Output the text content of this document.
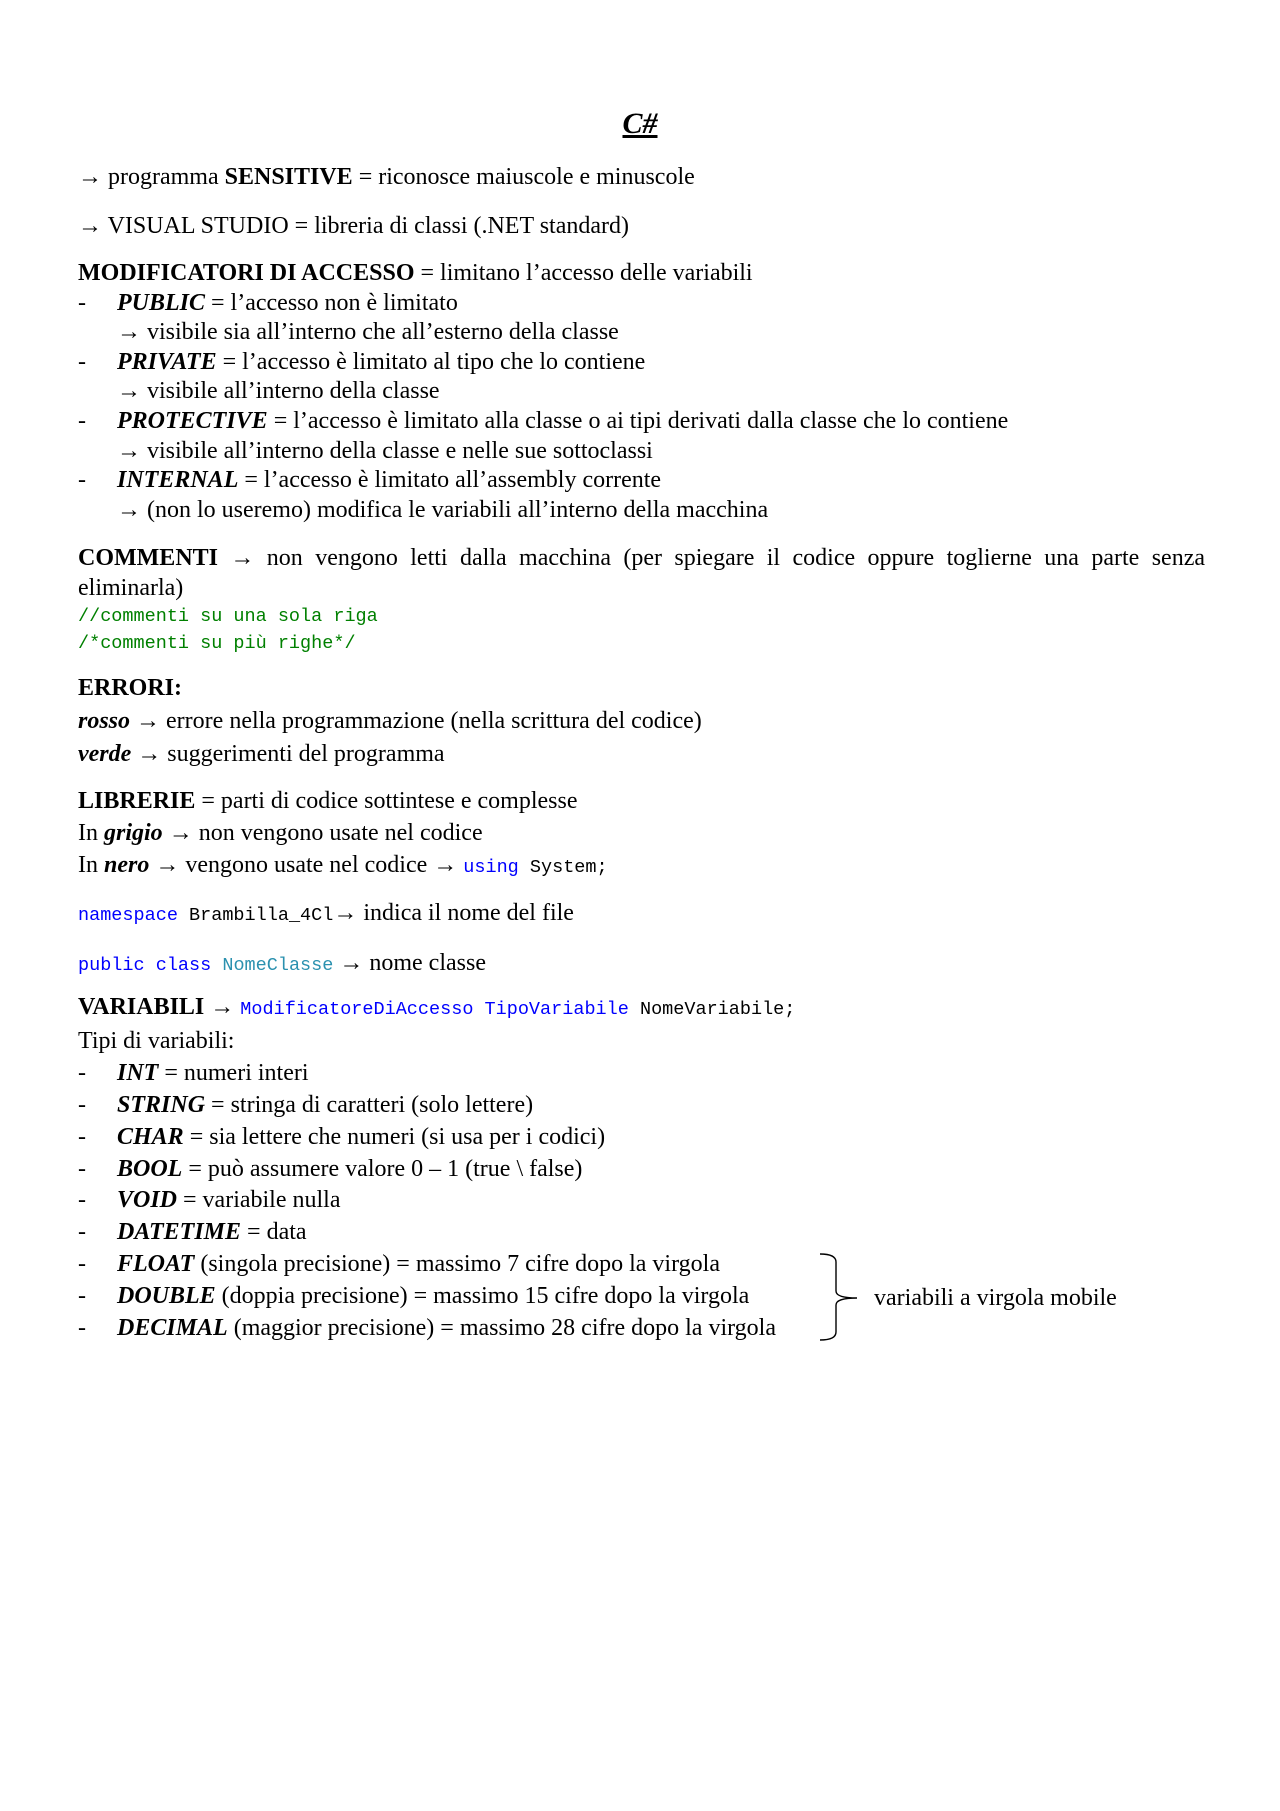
C#
→ programma SENSITIVE = riconosce maiuscole e minuscole
→ VISUAL STUDIO = libreria di classi (.NET standard)
MODIFICATORI DI ACCESSO = limitano l’accesso delle variabili
-	PUBLIC = l’accesso non è limitato
→ visibile sia all’interno che all’esterno della classe
-	PRIVATE = l’accesso è limitato al tipo che lo contiene
→ visibile all’interno della classe
-	PROTECTIVE = l’accesso è limitato alla classe o ai tipi derivati dalla classe che lo contiene
→ visibile all’interno della classe e nelle sue sottoclassi
-	INTERNAL = l’accesso è limitato all’assembly corrente
→ (non lo useremo) modifica le variabili all’interno della macchina
COMMENTI → non vengono letti dalla macchina (per spiegare il codice oppure toglierne una parte senza eliminarla)
//commenti su una sola riga
/*commenti su più righe*/
ERRORI:
rosso → errore nella programmazione (nella scrittura del codice)
verde → suggerimenti del programma
LIBRERIE = parti di codice sottintese e complesse
In grigio → non vengono usate nel codice
In nero → vengono usate nel codice → using System;
namespace Brambilla_4Cl→ indica il nome del file
public class NomeClasse → nome classe
VARIABILI → ModificatoreDiAccesso TipoVariabile NomeVariabile;
Tipi di variabili:
-	INT = numeri interi
-	STRING = stringa di caratteri (solo lettere)
-	CHAR = sia lettere che numeri (si usa per i codici)
-	BOOL = può assumere valore 0 – 1 (true \ false)
-	VOID = variabile nulla
-	DATETIME = data
-	FLOAT (singola precisione) = massimo 7 cifre dopo la virgola
-	DOUBLE (doppia precisione) = massimo 15 cifre dopo la virgola
-	DECIMAL (maggior precisione) = massimo 28 cifre dopo la virgola
variabili a virgola mobile
